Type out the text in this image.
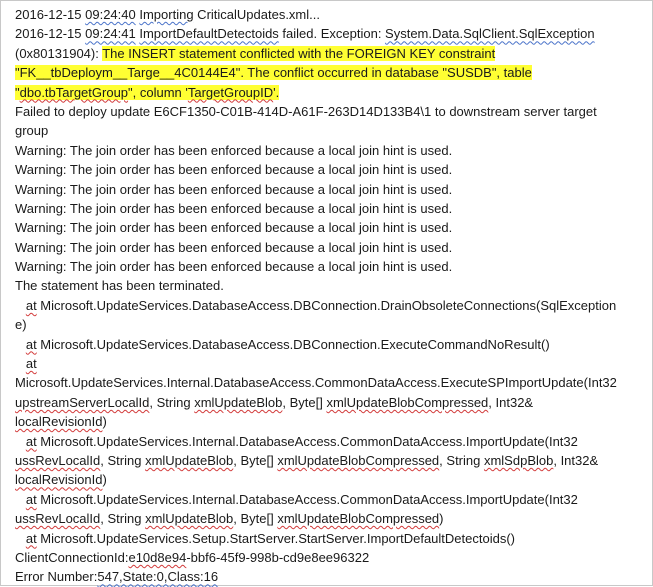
2016-12-15 09:24:40 Importing CriticalUpdates.xml...
2016-12-15 09:24:41 ImportDefaultDetectoids failed. Exception: System.Data.SqlClient.SqlException
(0x80131904): The INSERT statement conflicted with the FOREIGN KEY constraint
"FK__tbDeploym__Targe__4C0144E4". The conflict occurred in database "SUSDB", table
"dbo.tbTargetGroup", column 'TargetGroupID'.
Failed to deploy update E6CF1350-C01B-414D-A61F-263D14D133B4\1 to downstream server target
group
Warning: The join order has been enforced because a local join hint is used.
Warning: The join order has been enforced because a local join hint is used.
Warning: The join order has been enforced because a local join hint is used.
Warning: The join order has been enforced because a local join hint is used.
Warning: The join order has been enforced because a local join hint is used.
Warning: The join order has been enforced because a local join hint is used.
Warning: The join order has been enforced because a local join hint is used.
The statement has been terminated.
at Microsoft.UpdateServices.DatabaseAccess.DBConnection.DrainObsoleteConnections(SqlException
e)
at Microsoft.UpdateServices.DatabaseAccess.DBConnection.ExecuteCommandNoResult()
at
Microsoft.UpdateServices.Internal.DatabaseAccess.CommonDataAccess.ExecuteSPImportUpdate(Int32
upstreamServerLocalId, String xmlUpdateBlob, Byte[] xmlUpdateBlobCompressed, Int32&
localRevisionId)
at Microsoft.UpdateServices.Internal.DatabaseAccess.CommonDataAccess.ImportUpdate(Int32
ussRevLocalId, String xmlUpdateBlob, Byte[] xmlUpdateBlobCompressed, String xmlSdpBlob, Int32&
localRevisionId)
at Microsoft.UpdateServices.Internal.DatabaseAccess.CommonDataAccess.ImportUpdate(Int32
ussRevLocalId, String xmlUpdateBlob, Byte[] xmlUpdateBlobCompressed)
at Microsoft.UpdateServices.Setup.StartServer.StartServer.ImportDefaultDetectoids()
ClientConnectionId:e10d8e94-bbf6-45f9-998b-cd9e8ee96322
Error Number:547,State:0,Class:16
